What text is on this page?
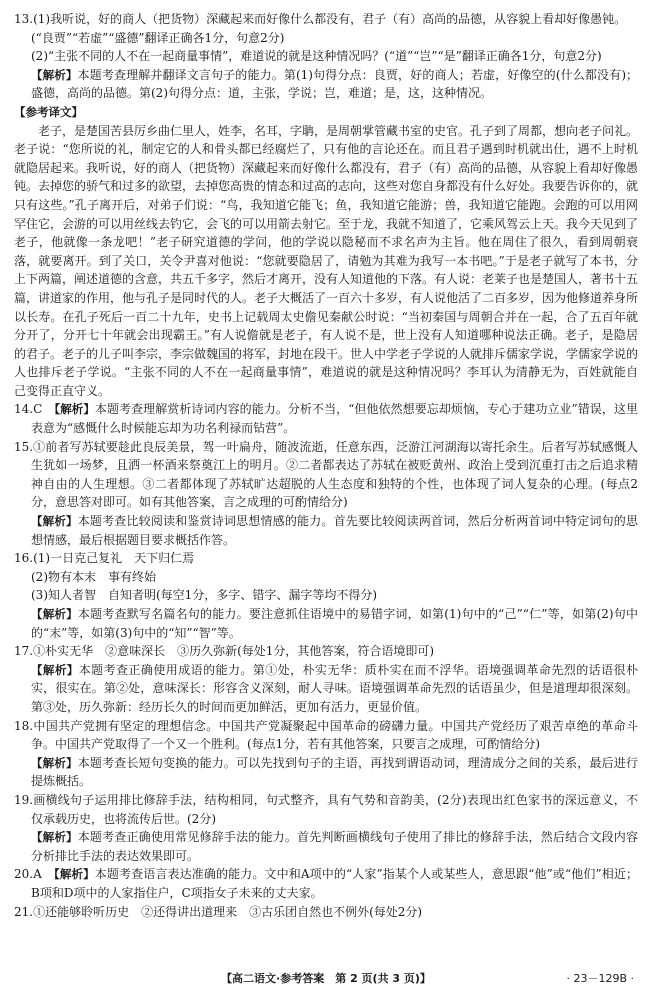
13.(1)我听说，好的商人（把货物）深藏起来而好像什么都没有，君子（有）高尚的品德，从容貌上看却好像愚钝。

(“良贾”“若虚”“盛德”翻译正确各1分，句意2分)

(2)“主张不同的人不在一起商量事情”，难道说的就是这种情况吗？(“道”“岂”“是”翻译正确各1分，句意2分)

【解析】本题考查理解并翻译文言句子的能力。第(1)句得分点：良贾，好的商人；若虚，好像空的(什么都没有)；盛德，高尚的品德。第(2)句得分点：道，主张，学说；岂，难道；是，这，这种情况。

【参考译文】

老子，是楚国苦县厉乡曲仁里人，姓李，名耳，字聃，是周朝掌管藏书室的史官。孔子到了周都，想向老子问礼。老子说：“您所说的礼，制定它的人和骨头都已经腐烂了，只有他的言论还在。而且君子遇到时机就出仕，遇不上时机就隐居起来。我听说，好的商人（把货物）深藏起来而好像什么都没有，君子（有）高尚的品德，从容貌上看却好像愚钝。去掉您的骄气和过多的欲望，去掉您高贵的情态和过高的志向，这些对您自身都没有什么好处。我要告诉你的，就只有这些。”孔子离开后，对弟子们说：“鸟，我知道它能飞；鱼，我知道它能游；兽，我知道它能跑。会跑的可以用网罕住它，会游的可以用丝线去钓它，会飞的可以用箭去射它。至于龙，我就不知道了，它乘风驾云上天。我今天见到了老子，他就像一条龙吧！”老子研究道德的学问，他的学说以隐秘而不求名声为主旨。他在周住了很久，看到周朝衰落，就要离开。到了关口，关令尹喜对他说：“您就要隐居了，请勉为其难为我写一本书吧。”于是老子就写了本书，分上下两篇，阐述道德的含意，共五千多字，然后才离开，没有人知道他的下落。有人说：老莱子也是楚国人，著书十五篇，讲道家的作用，他与孔子是同时代的人。老子大概活了一百六十多岁，有人说他活了二百多岁，因为他修道养身所以长寿。在孔子死后一百二十九年，史书上记载周太史儋见秦献公时说：“当初秦国与周朝合并在一起，合了五百年就分开了，分开七十年就会出现霸王。”有人说儋就是老子，有人说不是，世上没有人知道哪种说法正确。老子，是隐居的君子。老子的儿子叫李宗，李宗做魏国的将军，封地在段干。世人中学老子学说的人就排斥儒家学说，学儒家学说的人也排斥老子学说。“主张不同的人不在一起商量事情”，难道说的就是这种情况吗？李耳认为清静无为，百姓就能自己变得正直守义。

14.C　 【解析】本题考查理解赏析诗词内容的能力。分析不当，“但他依然想要忘却烦恼，专心于建功立业”错误，这里表意为“感慨什么时候能忘却为功名利禄而钻营”。

15.①前者写苏轼要趁此良辰美景，驾一叶扁舟，随波流逝，任意东西，泛游江河湖海以寄托余生。后者写苏轼感慨人生犹如一场梦，且洒一杯酒来祭奠江上的明月。②二者都表达了苏轼在被贬黄州、政治上受到沉重打击之后追求精神自由的人生理想。③二者都体现了苏轼旷达超脱的人生态度和独特的个性，也体现了词人复杂的心理。(每点2分，意思答对即可。如有其他答案，言之成理的可酌情给分)

【解析】本题考查比较阅读和鉴赏诗词思想情感的能力。首先要比较阅读两首词，然后分析两首词中特定词句的思想情感，最后根据题目要求概括作答。

16.(1)一日克己复礼　天下归仁焉

(2)物有本末　事有终始

(3)知人者智　自知者明(每空1分，多字、错字、漏字等均不得分)

【解析】本题考查默写名篇名句的能力。要注意抓住语境中的易错字词，如第(1)句中的“己”“仁”等，如第(2)句中的“末”等，如第(3)句中的“知”“智”等。

17.①朴实无华　②意味深长　③历久弥新(每处1分，其他答案，符合语境即可)

【解析】本题考查正确使用成语的能力。第①处，朴实无华：质朴实在而不浮华。语境强调革命先烈的话语很朴实，很实在。第②处，意味深长：形容含义深刻，耐人寻味。语境强调革命先烈的话语虽少，但是道理却很深刻。第③处，历久弥新：经历长久的时间而更加鲜活，更加有活力，更显价值。

18.中国共产党拥有坚定的理想信念。中国共产党凝聚起中国革命的磅礴力量。中国共产党经历了艰苦卓绝的革命斗争。中国共产党取得了一个又一个胜利。(每点1分，若有其他答案，只要言之成理，可酌情给分)

【解析】本题考查长短句变换的能力。可以先找到句子的主语，再找到谓语动词，理清成分之间的关系，最后进行提炼概括。

19.画横线句子运用排比修辞手法，结构相同，句式整齐，具有气势和音韵美，(2分)表现出红色家书的深远意义，不仅承载历史，也将流传后世。(2分)

【解析】本题考查正确使用常见修辞手法的能力。首先判断画横线句子使用了排比的修辞手法，然后结合文段内容分析排比手法的表达效果即可。

20.A　 【解析】本题考查语言表达准确的能力。文中和A项中的“人家”指某个人或某些人，意思跟“他”或“他们”相近；B项和D项中的人家指住户，C项指女子未来的丈夫家。

21.①还能够聆听历史　②还得讲出道理来　③古乐团自然也不例外(每处2分)

【高二语文·参考答案　第 2 页(共 3 页)】	· 23－129B ·
